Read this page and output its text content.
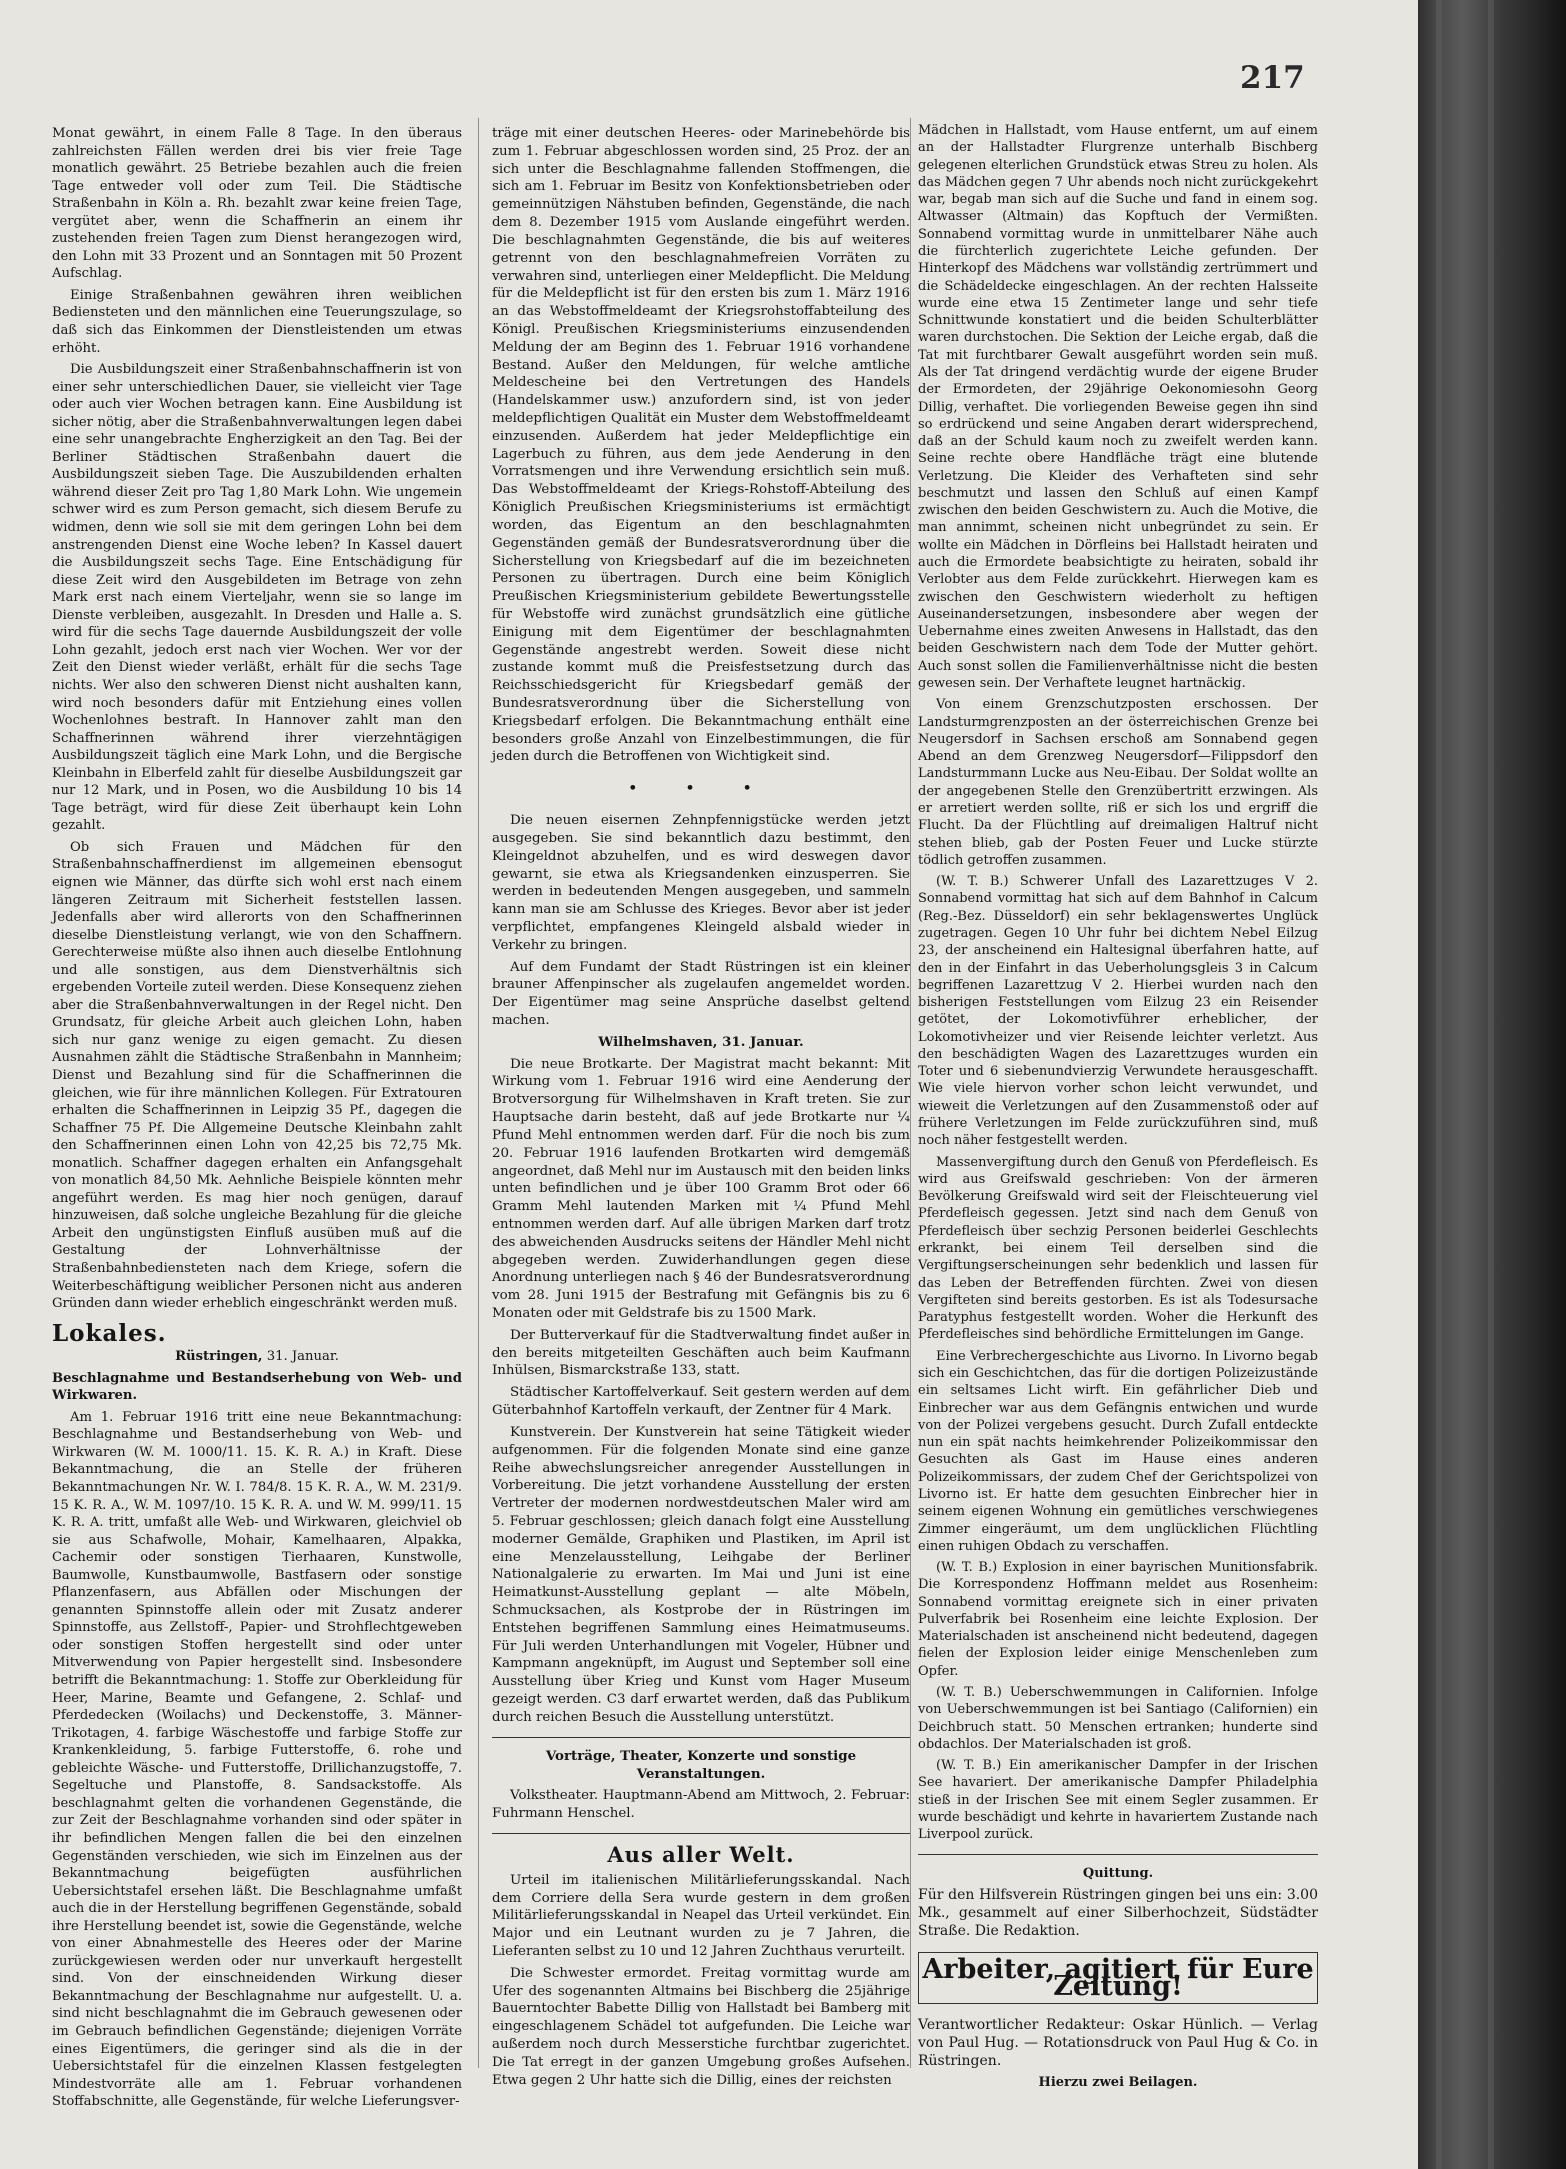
217

Monat gewährt, in einem Falle 8 Tage. In den überaus zahlreichsten Fällen werden drei bis vier freie Tage monatlich gewährt. 25 Betriebe bezahlen auch die freien Tage entweder voll oder zum Teil. Die Städtische Straßenbahn in Köln a. Rh. bezahlt zwar keine freien Tage, vergütet aber, wenn die Schaffnerin an einem ihr zustehenden freien Tagen zum Dienst herangezogen wird, den Lohn mit 33 Prozent und an Sonntagen mit 50 Prozent Aufschlag.

Einige Straßenbahnen gewähren ihren weiblichen Bediensteten und den männlichen eine Teuerungszulage, so daß sich das Einkommen der Dienstleistenden um etwas erhöht.

Die Ausbildungszeit einer Straßenbahnschaffnerin ist von einer sehr unterschiedlichen Dauer, sie vielleicht vier Tage oder auch vier Wochen betragen kann. Eine Ausbildung ist sicher nötig, aber die Straßenbahnverwaltungen legen dabei eine sehr unangebrachte Engherzigkeit an den Tag. Bei der Berliner Städtischen Straßenbahn dauert die Ausbildungszeit sieben Tage. Die Auszubildenden erhalten während dieser Zeit pro Tag 1,80 Mark Lohn. Wie ungemein schwer wird es zum Person gemacht, sich diesem Berufe zu widmen, denn wie soll sie mit dem geringen Lohn bei dem anstrengenden Dienst eine Woche leben? In Kassel dauert die Ausbildungszeit sechs Tage. Eine Entschädigung für diese Zeit wird den Ausgebildeten im Betrage von zehn Mark erst nach einem Vierteljahr, wenn sie so lange im Dienste verbleiben, ausgezahlt. In Dresden und Halle a. S. wird für die sechs Tage dauernde Ausbildungszeit der volle Lohn gezahlt, jedoch erst nach vier Wochen. Wer vor der Zeit den Dienst wieder verläßt, erhält für die sechs Tage nichts. Wer also den schweren Dienst nicht aushalten kann, wird noch besonders dafür mit Entziehung eines vollen Wochenlohnes bestraft. In Hannover zahlt man den Schaffnerinnen während ihrer vierzehntägigen Ausbildungszeit täglich eine Mark Lohn, und die Bergische Kleinbahn in Elberfeld zahlt für dieselbe Ausbildungszeit gar nur 12 Mark, und in Posen, wo die Ausbildung 10 bis 14 Tage beträgt, wird für diese Zeit überhaupt kein Lohn gezahlt.

Ob sich Frauen und Mädchen für den Straßenbahnschaffnerdienst im allgemeinen ebensogut eignen wie Männer, das dürfte sich wohl erst nach einem längeren Zeitraum mit Sicherheit feststellen lassen. Jedenfalls aber wird allerorts von den Schaffnerinnen dieselbe Dienstleistung verlangt, wie von den Schaffnern. Gerechterweise müßte also ihnen auch dieselbe Entlohnung und alle sonstigen, aus dem Dienstverhältnis sich ergebenden Vorteile zuteil werden. Diese Konsequenz ziehen aber die Straßenbahnverwaltungen in der Regel nicht. Den Grundsatz, für gleiche Arbeit auch gleichen Lohn, haben sich nur ganz wenige zu eigen gemacht. Zu diesen Ausnahmen zählt die Städtische Straßenbahn in Mannheim; Dienst und Bezahlung sind für die Schaffnerinnen die gleichen, wie für ihre männlichen Kollegen. Für Extratouren erhalten die Schaffnerinnen in Leipzig 35 Pf., dagegen die Schaffner 75 Pf. Die Allgemeine Deutsche Kleinbahn zahlt den Schaffnerinnen einen Lohn von 42,25 bis 72,75 Mk. monatlich. Schaffner dagegen erhalten ein Anfangsgehalt von monatlich 84,50 Mk. Aehnliche Beispiele könnten mehr angeführt werden. Es mag hier noch genügen, darauf hinzuweisen, daß solche ungleiche Bezahlung für die gleiche Arbeit den ungünstigsten Einfluß ausüben muß auf die Gestaltung der Lohnverhältnisse der Straßenbahnbediensteten nach dem Kriege, sofern die Weiterbeschäftigung weiblicher Personen nicht aus anderen Gründen dann wieder erheblich eingeschränkt werden muß.

Lokales.

Rüstringen, 31. Januar.

Beschlagnahme und Bestandserhebung von Web- und Wirkwaren.

Am 1. Februar 1916 tritt eine neue Bekanntmachung: Beschlagnahme und Bestandserhebung von Web- und Wirkwaren (W. M. 1000/11. 15. K. R. A.) in Kraft. Diese Bekanntmachung, die an Stelle der früheren Bekanntmachungen Nr. W. I. 784/8. 15 K. R. A., W. M. 231/9. 15 K. R. A., W. M. 1097/10. 15 K. R. A. und W. M. 999/11. 15 K. R. A. tritt, umfaßt alle Web- und Wirkwaren, gleichviel ob sie aus Schafwolle, Mohair, Kamelhaaren, Alpakka, Cachemir oder sonstigen Tierhaaren, Kunstwolle, Baumwolle, Kunstbaumwolle, Bastfasern oder sonstige Pflanzenfasern, aus Abfällen oder Mischungen der genannten Spinnstoffe allein oder mit Zusatz anderer Spinnstoffe, aus Zellstoff-, Papier- und Strohflechtgeweben oder sonstigen Stoffen hergestellt sind oder unter Mitverwendung von Papier hergestellt sind. Insbesondere betrifft die Bekanntmachung: 1. Stoffe zur Oberkleidung für Heer, Marine, Beamte und Gefangene, 2. Schlaf- und Pferdedecken (Woilachs) und Deckenstoffe, 3. Männer-Trikotagen, 4. farbige Wäschestoffe und farbige Stoffe zur Krankenkleidung, 5. farbige Futterstoffe, 6. rohe und gebleichte Wäsche- und Futterstoffe, Drillichanzugstoffe, 7. Segeltuche und Planstoffe, 8. Sandsackstoffe. Als beschlagnahmt gelten die vorhandenen Gegenstände, die zur Zeit der Beschlagnahme vorhanden sind oder später in ihr befindlichen Mengen fallen die bei den einzelnen Gegenständen verschieden, wie sich im Einzelnen aus der Bekanntmachung beigefügten ausführlichen Uebersichtstafel ersehen läßt. Die Beschlagnahme umfaßt auch die in der Herstellung begriffenen Gegenstände, sobald ihre Herstellung beendet ist, sowie die Gegenstände, welche von einer Abnahmestelle des Heeres oder der Marine zurückgewiesen werden oder nur unverkauft hergestellt sind. Von der einschneidenden Wirkung dieser Bekanntmachung der Beschlagnahme nur aufgestellt. U. a. sind nicht beschlagnahmt die im Gebrauch gewesenen oder im Gebrauch befindlichen Gegenstände; diejenigen Vorräte eines Eigentümers, die geringer sind als die in der Uebersichtstafel für die einzelnen Klassen festgelegten Mindestvorräte alle am 1. Februar vorhandenen Stoffabschnitte, alle Gegenstände, für welche Lieferungsver-

träge mit einer deutschen Heeres- oder Marinebehörde bis zum 1. Februar abgeschlossen worden sind, 25 Proz. der an sich unter die Beschlagnahme fallenden Stoffmengen, die sich am 1. Februar im Besitz von Konfektionsbetrieben oder gemeinnützigen Nähstuben befinden, Gegenstände, die nach dem 8. Dezember 1915 vom Auslande eingeführt werden. Die beschlagnahmten Gegenstände, die bis auf weiteres getrennt von den beschlagnahmefreien Vorräten zu verwahren sind, unterliegen einer Meldepflicht. Die Meldung für die Meldepflicht ist für den ersten bis zum 1. März 1916 an das Webstoffmeldeamt der Kriegsrohstoffabteilung des Königl. Preußischen Kriegsministeriums einzusendenden Meldung der am Beginn des 1. Februar 1916 vorhandene Bestand. Außer den Meldungen, für welche amtliche Meldescheine bei den Vertretungen des Handels (Handelskammer usw.) anzufordern sind, ist von jeder meldepflichtigen Qualität ein Muster dem Webstoffmeldeamt einzusenden. Außerdem hat jeder Meldepflichtige ein Lagerbuch zu führen, aus dem jede Aenderung in den Vorratsmengen und ihre Verwendung ersichtlich sein muß. Das Webstoffmeldeamt der Kriegs-Rohstoff-Abteilung des Königlich Preußischen Kriegsministeriums ist ermächtigt worden, das Eigentum an den beschlagnahmten Gegenständen gemäß der Bundesratsverordnung über die Sicherstellung von Kriegsbedarf auf die im bezeichneten Personen zu übertragen. Durch eine beim Königlich Preußischen Kriegsministerium gebildete Bewertungsstelle für Webstoffe wird zunächst grundsätzlich eine gütliche Einigung mit dem Eigentümer der beschlagnahmten Gegenstände angestrebt werden. Soweit diese nicht zustande kommt muß die Preisfestsetzung durch das Reichsschiedsgericht für Kriegsbedarf gemäß der Bundesratsverordnung über die Sicherstellung von Kriegsbedarf erfolgen. Die Bekanntmachung enthält eine besonders große Anzahl von Einzelbestimmungen, die für jeden durch die Betroffenen von Wichtigkeit sind.

• • •

Die neuen eisernen Zehnpfennigstücke werden jetzt ausgegeben. Sie sind bekanntlich dazu bestimmt, den Kleingeldnot abzuhelfen, und es wird deswegen davor gewarnt, sie etwa als Kriegsandenken einzusperren. Sie werden in bedeutenden Mengen ausgegeben, und sammeln kann man sie am Schlusse des Krieges. Bevor aber ist jeder verpflichtet, empfangenes Kleingeld alsbald wieder in Verkehr zu bringen.

Auf dem Fundamt der Stadt Rüstringen ist ein kleiner brauner Affenpinscher als zugelaufen angemeldet worden. Der Eigentümer mag seine Ansprüche daselbst geltend machen.

Wilhelmshaven, 31. Januar.

Die neue Brotkarte. Der Magistrat macht bekannt: Mit Wirkung vom 1. Februar 1916 wird eine Aenderung der Brotversorgung für Wilhelmshaven in Kraft treten. Sie zur Hauptsache darin besteht, daß auf jede Brotkarte nur ¼ Pfund Mehl entnommen werden darf. Für die noch bis zum 20. Februar 1916 laufenden Brotkarten wird demgemäß angeordnet, daß Mehl nur im Austausch mit den beiden links unten befindlichen und je über 100 Gramm Brot oder 66 Gramm Mehl lautenden Marken mit ¼ Pfund Mehl entnommen werden darf. Auf alle übrigen Marken darf trotz des abweichenden Ausdrucks seitens der Händler Mehl nicht abgegeben werden. Zuwiderhandlungen gegen diese Anordnung unterliegen nach § 46 der Bundesratsverordnung vom 28. Juni 1915 der Bestrafung mit Gefängnis bis zu 6 Monaten oder mit Geldstrafe bis zu 1500 Mark.

Der Butterverkauf für die Stadtverwaltung findet außer in den bereits mitgeteilten Geschäften auch beim Kaufmann Inhülsen, Bismarckstraße 133, statt.

Städtischer Kartoffelverkauf. Seit gestern werden auf dem Güterbahnhof Kartoffeln verkauft, der Zentner für 4 Mark.

Kunstverein. Der Kunstverein hat seine Tätigkeit wieder aufgenommen. Für die folgenden Monate sind eine ganze Reihe abwechslungsreicher anregender Ausstellungen in Vorbereitung. Die jetzt vorhandene Ausstellung der ersten Vertreter der modernen nordwestdeutschen Maler wird am 5. Februar geschlossen; gleich danach folgt eine Ausstellung moderner Gemälde, Graphiken und Plastiken, im April ist eine Menzelausstellung, Leihgabe der Berliner Nationalgalerie zu erwarten. Im Mai und Juni ist eine Heimatkunst-Ausstellung geplant — alte Möbeln, Schmucksachen, als Kostprobe der in Rüstringen im Entstehen begriffenen Sammlung eines Heimatmuseums. Für Juli werden Unterhandlungen mit Vogeler, Hübner und Kampmann angeknüpft, im August und September soll eine Ausstellung über Krieg und Kunst vom Hager Museum gezeigt werden. C3 darf erwartet werden, daß das Publikum durch reichen Besuch die Ausstellung unterstützt.

Vorträge, Theater, Konzerte und sonstige Veranstaltungen.

Volkstheater. Hauptmann-Abend am Mittwoch, 2. Februar: Fuhrmann Henschel.

Aus aller Welt.

Urteil im italienischen Militärlieferungsskandal. Nach dem Corriere della Sera wurde gestern in dem großen Militärlieferungsskandal in Neapel das Urteil verkündet. Ein Major und ein Leutnant wurden zu je 7 Jahren, die Lieferanten selbst zu 10 und 12 Jahren Zuchthaus verurteilt.

Die Schwester ermordet. Freitag vormittag wurde am Ufer des sogenannten Altmains bei Bischberg die 25jährige Bauerntochter Babette Dillig von Hallstadt bei Bamberg mit eingeschlagenem Schädel tot aufgefunden. Die Leiche war außerdem noch durch Messerstiche furchtbar zugerichtet. Die Tat erregt in der ganzen Umgebung großes Aufsehen. Etwa gegen 2 Uhr hatte sich die Dillig, eines der reichsten

Mädchen in Hallstadt, vom Hause entfernt, um auf einem an der Hallstadter Flurgrenze unterhalb Bischberg gelegenen elterlichen Grundstück etwas Streu zu holen. Als das Mädchen gegen 7 Uhr abends noch nicht zurückgekehrt war, begab man sich auf die Suche und fand in einem sog. Altwasser (Altmain) das Kopftuch der Vermißten. Sonnabend vormittag wurde in unmittelbarer Nähe auch die fürchterlich zugerichtete Leiche gefunden. Der Hinterkopf des Mädchens war vollständig zertrümmert und die Schädeldecke eingeschlagen. An der rechten Halsseite wurde eine etwa 15 Zentimeter lange und sehr tiefe Schnittwunde konstatiert und die beiden Schulterblätter waren durchstochen. Die Sektion der Leiche ergab, daß die Tat mit furchtbarer Gewalt ausgeführt worden sein muß. Als der Tat dringend verdächtig wurde der eigene Bruder der Ermordeten, der 29jährige Oekonomiesohn Georg Dillig, verhaftet. Die vorliegenden Beweise gegen ihn sind so erdrückend und seine Angaben derart widersprechend, daß an der Schuld kaum noch zu zweifelt werden kann. Seine rechte obere Handfläche trägt eine blutende Verletzung. Die Kleider des Verhafteten sind sehr beschmutzt und lassen den Schluß auf einen Kampf zwischen den beiden Geschwistern zu. Auch die Motive, die man annimmt, scheinen nicht unbegründet zu sein. Er wollte ein Mädchen in Dörfleins bei Hallstadt heiraten und auch die Ermordete beabsichtigte zu heiraten, sobald ihr Verlobter aus dem Felde zurückkehrt. Hierwegen kam es zwischen den Geschwistern wiederholt zu heftigen Auseinandersetzungen, insbesondere aber wegen der Uebernahme eines zweiten Anwesens in Hallstadt, das den beiden Geschwistern nach dem Tode der Mutter gehört. Auch sonst sollen die Familienverhältnisse nicht die besten gewesen sein. Der Verhaftete leugnet hartnäckig.

Von einem Grenzschutzposten erschossen. Der Landsturmgrenzposten an der österreichischen Grenze bei Neugersdorf in Sachsen erschoß am Sonnabend gegen Abend an dem Grenzweg Neugersdorf—Filippsdorf den Landsturmmann Lucke aus Neu-Eibau. Der Soldat wollte an der angegebenen Stelle den Grenzübertritt erzwingen. Als er arretiert werden sollte, riß er sich los und ergriff die Flucht. Da der Flüchtling auf dreimaligen Haltruf nicht stehen blieb, gab der Posten Feuer und Lucke stürzte tödlich getroffen zusammen.

(W. T. B.) Schwerer Unfall des Lazarettzuges V 2. Sonnabend vormittag hat sich auf dem Bahnhof in Calcum (Reg.-Bez. Düsseldorf) ein sehr beklagenswertes Unglück zugetragen. Gegen 10 Uhr fuhr bei dichtem Nebel Eilzug 23, der anscheinend ein Haltesignal überfahren hatte, auf den in der Einfahrt in das Ueberholungsgleis 3 in Calcum begriffenen Lazarettzug V 2. Hierbei wurden nach den bisherigen Feststellungen vom Eilzug 23 ein Reisender getötet, der Lokomotivführer erheblicher, der Lokomotivheizer und vier Reisende leichter verletzt. Aus den beschädigten Wagen des Lazarettzuges wurden ein Toter und 6 siebenundvierzig Verwundete herausgeschafft. Wie viele hiervon vorher schon leicht verwundet, und wieweit die Verletzungen auf den Zusammenstoß oder auf frühere Verletzungen im Felde zurückzuführen sind, muß noch näher festgestellt werden.

Massenvergiftung durch den Genuß von Pferdefleisch. Es wird aus Greifswald geschrieben: Von der ärmeren Bevölkerung Greifswald wird seit der Fleischteuerung viel Pferdefleisch gegessen. Jetzt sind nach dem Genuß von Pferdefleisch über sechzig Personen beiderlei Geschlechts erkrankt, bei einem Teil derselben sind die Vergiftungserscheinungen sehr bedenklich und lassen für das Leben der Betreffenden fürchten. Zwei von diesen Vergifteten sind bereits gestorben. Es ist als Todesursache Paratyphus festgestellt worden. Woher die Herkunft des Pferdefleisches sind behördliche Ermittelungen im Gange.

Eine Verbrechergeschichte aus Livorno. In Livorno begab sich ein Geschichtchen, das für die dortigen Polizeizustände ein seltsames Licht wirft. Ein gefährlicher Dieb und Einbrecher war aus dem Gefängnis entwichen und wurde von der Polizei vergebens gesucht. Durch Zufall entdeckte nun ein spät nachts heimkehrender Polizeikommissar den Gesuchten als Gast im Hause eines anderen Polizeikommissars, der zudem Chef der Gerichtspolizei von Livorno ist. Er hatte dem gesuchten Einbrecher hier in seinem eigenen Wohnung ein gemütliches verschwiegenes Zimmer eingeräumt, um dem unglücklichen Flüchtling einen ruhigen Obdach zu verschaffen.

(W. T. B.) Explosion in einer bayrischen Munitionsfabrik. Die Korrespondenz Hoffmann meldet aus Rosenheim: Sonnabend vormittag ereignete sich in einer privaten Pulverfabrik bei Rosenheim eine leichte Explosion. Der Materialschaden ist anscheinend nicht bedeutend, dagegen fielen der Explosion leider einige Menschenleben zum Opfer.

(W. T. B.) Ueberschwemmungen in Californien. Infolge von Ueberschwemmungen ist bei Santiago (Californien) ein Deichbruch statt. 50 Menschen ertranken; hunderte sind obdachlos. Der Materialschaden ist groß.

(W. T. B.) Ein amerikanischer Dampfer in der Irischen See havariert. Der amerikanische Dampfer Philadelphia stieß in der Irischen See mit einem Segler zusammen. Er wurde beschädigt und kehrte in havariertem Zustande nach Liverpool zurück.

Quittung.

Für den Hilfsverein Rüstringen gingen bei uns ein: 3.00 Mk., gesammelt auf einer Silberhochzeit, Südstädter Straße. Die Redaktion.

Arbeiter, agitiert für Eure Zeitung!

Verantwortlicher Redakteur: Oskar Hünlich. — Verlag von Paul Hug. — Rotationsdruck von Paul Hug & Co. in Rüstringen.

Hierzu zwei Beilagen.
